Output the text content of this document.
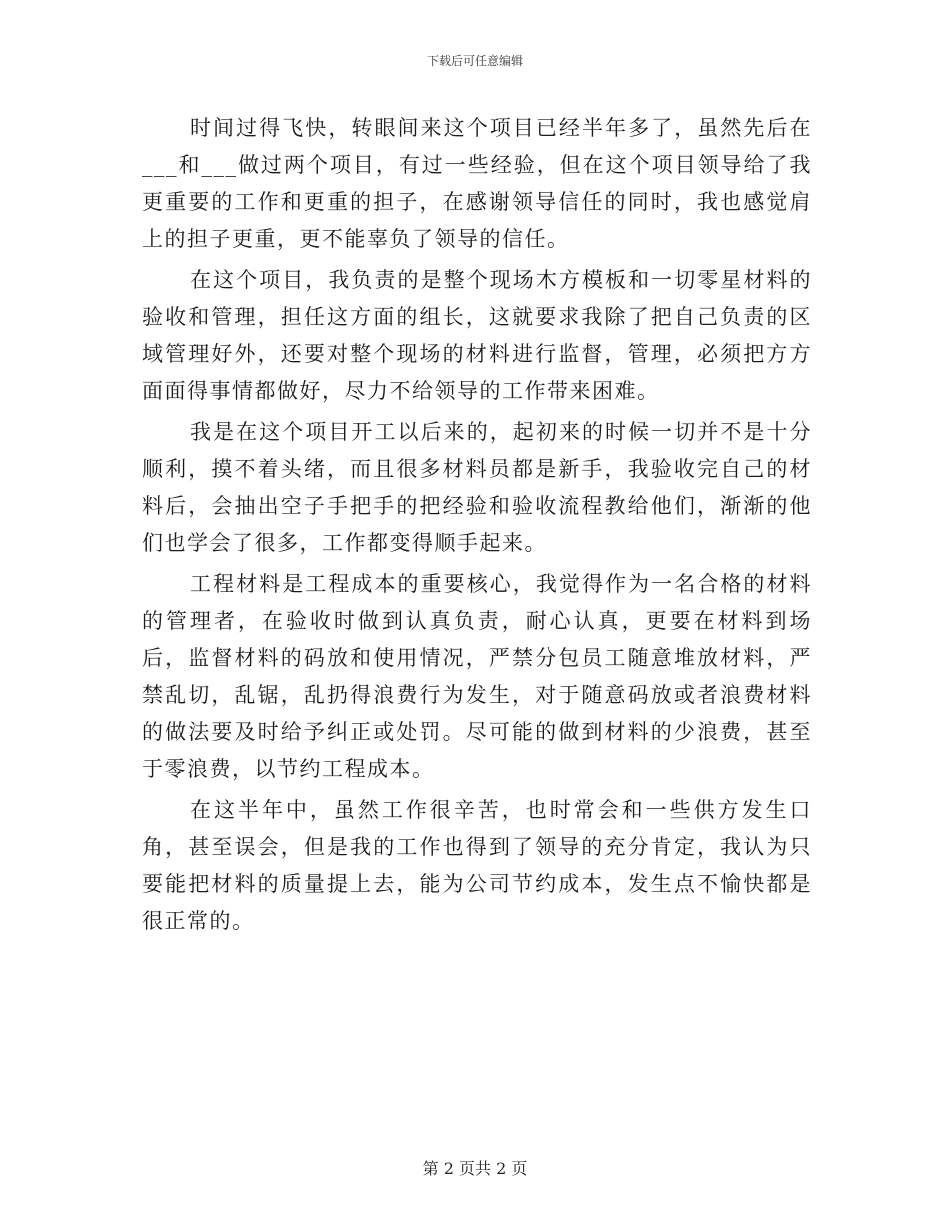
下载后可任意编辑

时间过得飞快，转眼间来这个项目已经半年多了，虽然先后在___和___做过两个项目，有过一些经验，但在这个项目领导给了我更重要的工作和更重的担子，在感谢领导信任的同时，我也感觉肩上的担子更重，更不能辜负了领导的信任。

在这个项目，我负责的是整个现场木方模板和一切零星材料的验收和管理，担任这方面的组长，这就要求我除了把自己负责的区域管理好外，还要对整个现场的材料进行监督，管理，必须把方方面面得事情都做好，尽力不给领导的工作带来困难。

我是在这个项目开工以后来的，起初来的时候一切并不是十分顺利，摸不着头绪，而且很多材料员都是新手，我验收完自己的材料后，会抽出空子手把手的把经验和验收流程教给他们，渐渐的他们也学会了很多，工作都变得顺手起来。

工程材料是工程成本的重要核心，我觉得作为一名合格的材料的管理者，在验收时做到认真负责，耐心认真，更要在材料到场后，监督材料的码放和使用情况，严禁分包员工随意堆放材料，严禁乱切，乱锯，乱扔得浪费行为发生，对于随意码放或者浪费材料的做法要及时给予纠正或处罚。尽可能的做到材料的少浪费，甚至于零浪费，以节约工程成本。

在这半年中，虽然工作很辛苦，也时常会和一些供方发生口角，甚至误会，但是我的工作也得到了领导的充分肯定，我认为只要能把材料的质量提上去，能为公司节约成本，发生点不愉快都是很正常的。

第 2 页共 2 页
